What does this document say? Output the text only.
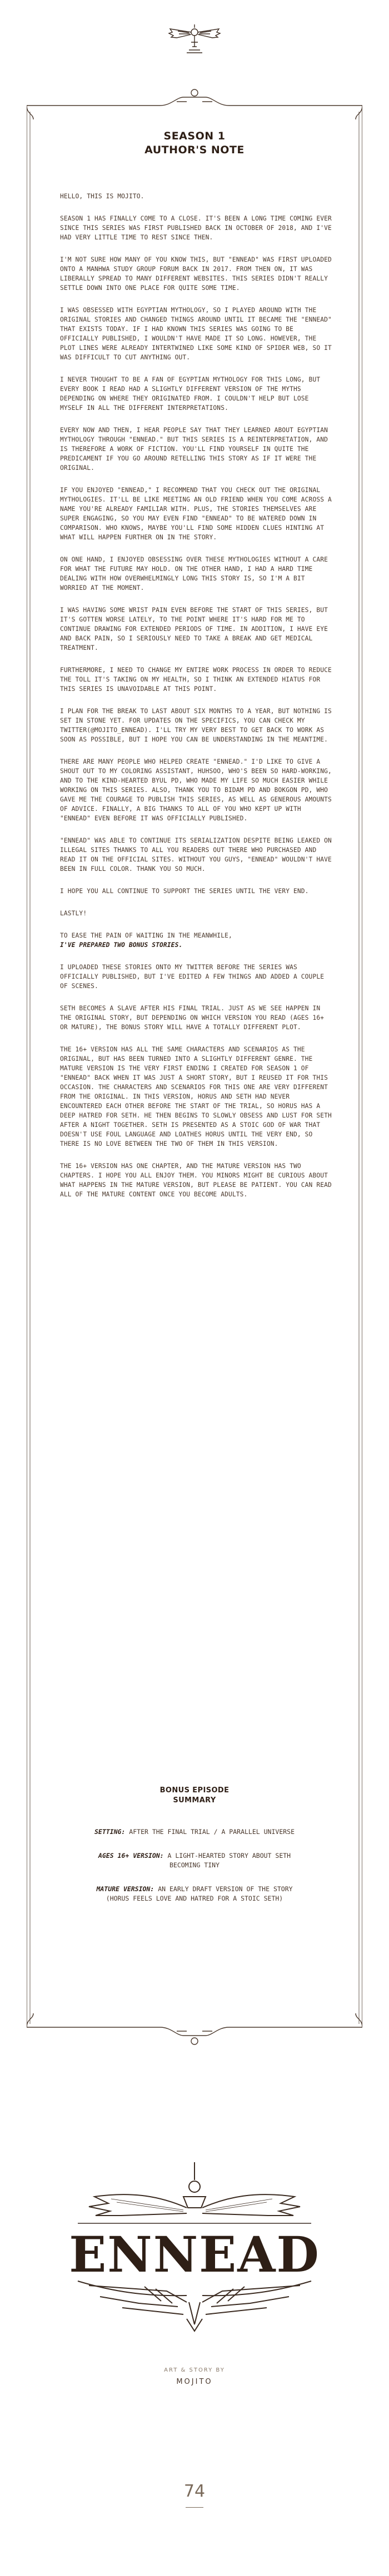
SEASON 1
AUTHOR'S NOTE

HELLO, THIS IS MOJITO.

SEASON 1 HAS FINALLY COME TO A CLOSE. IT'S BEEN A LONG TIME COMING EVER SINCE THIS SERIES WAS FIRST PUBLISHED BACK IN OCTOBER OF 2018, AND I'VE HAD VERY LITTLE TIME TO REST SINCE THEN.

I'M NOT SURE HOW MANY OF YOU KNOW THIS, BUT "ENNEAD" WAS FIRST UPLOADED ONTO A MANHWA STUDY GROUP FORUM BACK IN 2017. FROM THEN ON, IT WAS LIBERALLY SPREAD TO MANY DIFFERENT WEBSITES. THIS SERIES DIDN'T REALLY SETTLE DOWN INTO ONE PLACE FOR QUITE SOME TIME.

I WAS OBSESSED WITH EGYPTIAN MYTHOLOGY, SO I PLAYED AROUND WITH THE ORIGINAL STORIES AND CHANGED THINGS AROUND UNTIL IT BECAME THE "ENNEAD" THAT EXISTS TODAY. IF I HAD KNOWN THIS SERIES WAS GOING TO BE OFFICIALLY PUBLISHED, I WOULDN'T HAVE MADE IT SO LONG. HOWEVER, THE PLOT LINES WERE ALREADY INTERTWINED LIKE SOME KIND OF SPIDER WEB, SO IT WAS DIFFICULT TO CUT ANYTHING OUT.

I NEVER THOUGHT TO BE A FAN OF EGYPTIAN MYTHOLOGY FOR THIS LONG, BUT EVERY BOOK I READ HAD A SLIGHTLY DIFFERENT VERSION OF THE MYTHS DEPENDING ON WHERE THEY ORIGINATED FROM. I COULDN'T HELP BUT LOSE MYSELF IN ALL THE DIFFERENT INTERPRETATIONS.

EVERY NOW AND THEN, I HEAR PEOPLE SAY THAT THEY LEARNED ABOUT EGYPTIAN MYTHOLOGY THROUGH "ENNEAD." BUT THIS SERIES IS A REINTERPRETATION, AND IS THEREFORE A WORK OF FICTION. YOU'LL FIND YOURSELF IN QUITE THE PREDICAMENT IF YOU GO AROUND RETELLING THIS STORY AS IF IT WERE THE ORIGINAL.

IF YOU ENJOYED "ENNEAD," I RECOMMEND THAT YOU CHECK OUT THE ORIGINAL MYTHOLOGIES. IT'LL BE LIKE MEETING AN OLD FRIEND WHEN YOU COME ACROSS A NAME YOU'RE ALREADY FAMILIAR WITH. PLUS, THE STORIES THEMSELVES ARE SUPER ENGAGING, SO YOU MAY EVEN FIND "ENNEAD" TO BE WATERED DOWN IN COMPARISON. WHO KNOWS, MAYBE YOU'LL FIND SOME HIDDEN CLUES HINTING AT WHAT WILL HAPPEN FURTHER ON IN THE STORY.

ON ONE HAND, I ENJOYED OBSESSING OVER THESE MYTHOLOGIES WITHOUT A CARE FOR WHAT THE FUTURE MAY HOLD. ON THE OTHER HAND, I HAD A HARD TIME DEALING WITH HOW OVERWHELMINGLY LONG THIS STORY IS, SO I'M A BIT WORRIED AT THE MOMENT.

I WAS HAVING SOME WRIST PAIN EVEN BEFORE THE START OF THIS SERIES, BUT IT'S GOTTEN WORSE LATELY, TO THE POINT WHERE IT'S HARD FOR ME TO CONTINUE DRAWING FOR EXTENDED PERIODS OF TIME. IN ADDITION, I HAVE EYE AND BACK PAIN, SO I SERIOUSLY NEED TO TAKE A BREAK AND GET MEDICAL TREATMENT.

FURTHERMORE, I NEED TO CHANGE MY ENTIRE WORK PROCESS IN ORDER TO REDUCE THE TOLL IT'S TAKING ON MY HEALTH, SO I THINK AN EXTENDED HIATUS FOR THIS SERIES IS UNAVOIDABLE AT THIS POINT.

I PLAN FOR THE BREAK TO LAST ABOUT SIX MONTHS TO A YEAR, BUT NOTHING IS SET IN STONE YET. FOR UPDATES ON THE SPECIFICS, YOU CAN CHECK MY TWITTER(@MOJITO_ENNEAD). I'LL TRY MY VERY BEST TO GET BACK TO WORK AS SOON AS POSSIBLE, BUT I HOPE YOU CAN BE UNDERSTANDING IN THE MEANTIME.

THERE ARE MANY PEOPLE WHO HELPED CREATE "ENNEAD." I'D LIKE TO GIVE A SHOUT OUT TO MY COLORING ASSISTANT, HUHSOO, WHO'S BEEN SO HARD-WORKING, AND TO THE KIND-HEARTED BYUL PD, WHO MADE MY LIFE SO MUCH EASIER WHILE WORKING ON THIS SERIES. ALSO, THANK YOU TO BIDAM PD AND BOKGON PD, WHO GAVE ME THE COURAGE TO PUBLISH THIS SERIES, AS WELL AS GENEROUS AMOUNTS OF ADVICE. FINALLY, A BIG THANKS TO ALL OF YOU WHO KEPT UP WITH "ENNEAD" EVEN BEFORE IT WAS OFFICIALLY PUBLISHED.

"ENNEAD" WAS ABLE TO CONTINUE ITS SERIALIZATION DESPITE BEING LEAKED ON ILLEGAL SITES THANKS TO ALL YOU READERS OUT THERE WHO PURCHASED AND READ IT ON THE OFFICIAL SITES. WITHOUT YOU GUYS, "ENNEAD" WOULDN'T HAVE BEEN IN FULL COLOR. THANK YOU SO MUCH.

I HOPE YOU ALL CONTINUE TO SUPPORT THE SERIES UNTIL THE VERY END.

LASTLY!

TO EASE THE PAIN OF WAITING IN THE MEANWHILE,

I'VE PREPARED TWO BONUS STORIES.

I UPLOADED THESE STORIES ONTO MY TWITTER BEFORE THE SERIES WAS OFFICIALLY PUBLISHED, BUT I'VE EDITED A FEW THINGS AND ADDED A COUPLE OF SCENES.

SETH BECOMES A SLAVE AFTER HIS FINAL TRIAL. JUST AS WE SEE HAPPEN IN THE ORIGINAL STORY, BUT DEPENDING ON WHICH VERSION YOU READ (AGES 16+ OR MATURE), THE BONUS STORY WILL HAVE A TOTALLY DIFFERENT PLOT.

THE 16+ VERSION HAS ALL THE SAME CHARACTERS AND SCENARIOS AS THE ORIGINAL, BUT HAS BEEN TURNED INTO A SLIGHTLY DIFFERENT GENRE. THE MATURE VERSION IS THE VERY FIRST ENDING I CREATED FOR SEASON 1 OF "ENNEAD" BACK WHEN IT WAS JUST A SHORT STORY, BUT I REUSED IT FOR THIS OCCASION. THE CHARACTERS AND SCENARIOS FOR THIS ONE ARE VERY DIFFERENT FROM THE ORIGINAL. IN THIS VERSION, HORUS AND SETH HAD NEVER ENCOUNTERED EACH OTHER BEFORE THE START OF THE TRIAL, SO HORUS HAS A DEEP HATRED FOR SETH. HE THEN BEGINS TO SLOWLY OBSESS AND LUST FOR SETH AFTER A NIGHT TOGETHER. SETH IS PRESENTED AS A STOIC GOD OF WAR THAT DOESN'T USE FOUL LANGUAGE AND LOATHES HORUS UNTIL THE VERY END, SO THERE IS NO LOVE BETWEEN THE TWO OF THEM IN THIS VERSION.

THE 16+ VERSION HAS ONE CHAPTER, AND THE MATURE VERSION HAS TWO CHAPTERS. I HOPE YOU ALL ENJOY THEM. YOU MINORS MIGHT BE CURIOUS ABOUT WHAT HAPPENS IN THE MATURE VERSION, BUT PLEASE BE PATIENT. YOU CAN READ ALL OF THE MATURE CONTENT ONCE YOU BECOME ADULTS.

BONUS EPISODE
SUMMARY
SETTING: AFTER THE FINAL TRIAL / A PARALLEL UNIVERSE
AGES 16+ VERSION: A LIGHT-HEARTED STORY ABOUT SETH BECOMING TINY
MATURE VERSION: AN EARLY DRAFT VERSION OF THE STORY (HORUS FEELS LOVE AND HATRED FOR A STOIC SETH)
ENNEAD
ART & STORY BY
MOJITO
74
